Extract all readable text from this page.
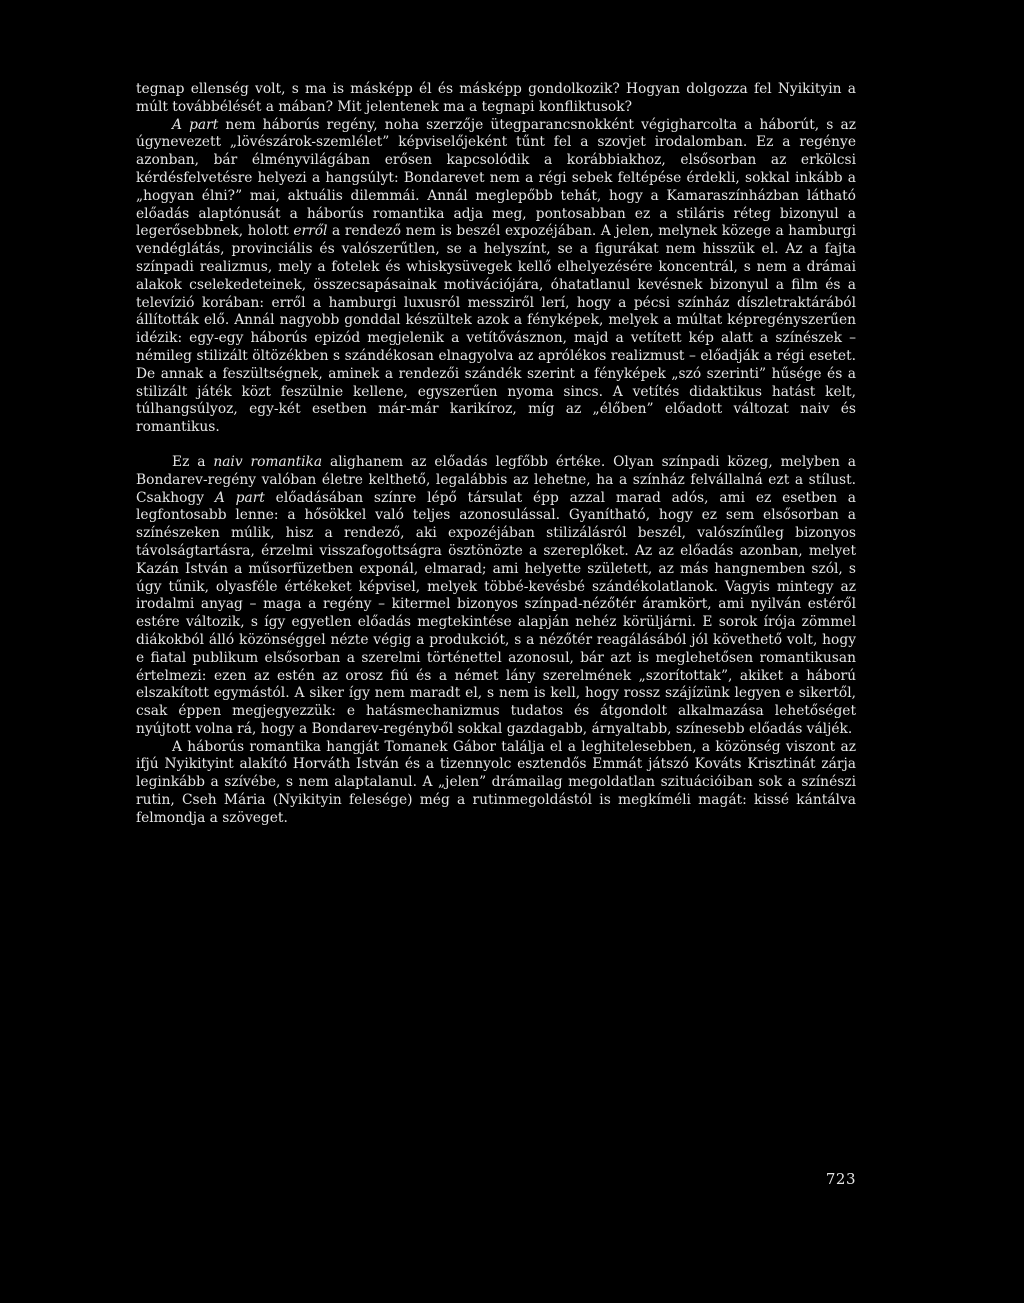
tegnap ellenség volt, s ma is másképp él és másképp gondolkozik? Hogyan dolgozza fel Nyikityin a múlt továbbélését a mában? Mit jelentenek ma a tegnapi konfliktusok?

A part nem háborús regény, noha szerzője ütegparancsnokként végigharcolta a háborút, s az úgynevezett „lövészárok-szemlélet” képviselőjeként tűnt fel a szovjet irodalomban. Ez a regénye azonban, bár élményvilágában erősen kapcsolódik a korábbiakhoz, elsősorban az erkölcsi kérdésfelvetésre helyezi a hangsúlyt: Bondarevet nem a régi sebek feltépése érdekli, sokkal inkább a „hogyan élni?” mai, aktuális dilemmái. Annál meglepőbb tehát, hogy a Kamaraszínházban látható előadás alaptónusát a háborús romantika adja meg, pontosabban ez a stiláris réteg bizonyul a legerősebbnek, holott erről a rendező nem is beszél expozéjában. A jelen, melynek közege a hamburgi vendéglátás, provinciális és valószerűtlen, se a helyszínt, se a figurákat nem hisszük el. Az a fajta színpadi realizmus, mely a fotelek és whiskysüvegek kellő elhelyezésére koncentrál, s nem a drámai alakok cselekedeteinek, összecsapásainak motivációjára, óhatatlanul kevésnek bizonyul a film és a televízió korában: erről a hamburgi luxusról messziről lerí, hogy a pécsi színház díszletraktárából állították elő. Annál nagyobb gonddal készültek azok a fényképek, melyek a múltat képregényszerűen idézik: egy-egy háborús epizód megjelenik a vetítővásznon, majd a vetített kép alatt a színészek – némileg stilizált öltözékben s szándékosan elnagyolva az aprólékos realizmust – előadják a régi esetet. De annak a feszültségnek, aminek a rendezői szándék szerint a fényképek „szó szerinti” hűsége és a stilizált játék közt feszülnie kellene, egyszerűen nyoma sincs. A vetítés didaktikus hatást kelt, túlhangsúlyoz, egy-két esetben már-már karikíroz, míg az „élőben” előadott változat naiv és romantikus.

Ez a naiv romantika alighanem az előadás legfőbb értéke. Olyan színpadi közeg, melyben a Bondarev-regény valóban életre kelthető, legalábbis az lehetne, ha a színház felvállalná ezt a stílust. Csakhogy A part előadásában színre lépő társulat épp azzal marad adós, ami ez esetben a legfontosabb lenne: a hősökkel való teljes azonosulással. Gyanítható, hogy ez sem elsősorban a színészeken múlik, hisz a rendező, aki expozéjában stilizálásról beszél, valószínűleg bizonyos távolságtartásra, érzelmi visszafogottságra ösztönözte a szereplőket. Az az előadás azonban, melyet Kazán István a műsorfüzetben exponál, elmarad; ami helyette született, az más hangnemben szól, s úgy tűnik, olyasféle értékeket képvisel, melyek többé-kevésbé szándékolatlanok. Vagyis mintegy az irodalmi anyag – maga a regény – kitermel bizonyos színpad-nézőtér áramkört, ami nyilván estéről estére változik, s így egyetlen előadás megtekintése alapján nehéz körüljárni. E sorok írója zömmel diákokból álló közönséggel nézte végig a produkciót, s a nézőtér reagálásából jól követhető volt, hogy e fiatal publikum elsősorban a szerelmi történettel azonosul, bár azt is meglehetősen romantikusan értelmezi: ezen az estén az orosz fiú és a német lány szerelmének „szorítottak”, akiket a háború elszakított egymástól. A siker így nem maradt el, s nem is kell, hogy rossz szájízünk legyen e sikertől, csak éppen megjegyezzük: e hatásmechanizmus tudatos és átgondolt alkalmazása lehetőséget nyújtott volna rá, hogy a Bondarev-regényből sokkal gazdagabb, árnyaltabb, színesebb előadás váljék.

A háborús romantika hangját Tomanek Gábor találja el a leghitelesebben, a közönség viszont az ifjú Nyikityint alakító Horváth István és a tizennyolc esztendős Emmát játszó Kováts Krisztinát zárja leginkább a szívébe, s nem alaptalanul. A „jelen” drámailag megoldatlan szituációiban sok a színészi rutin, Cseh Mária (Nyikityin felesége) még a rutinmegoldástól is megkíméli magát: kissé kántálva felmondja a szöveget.

723
